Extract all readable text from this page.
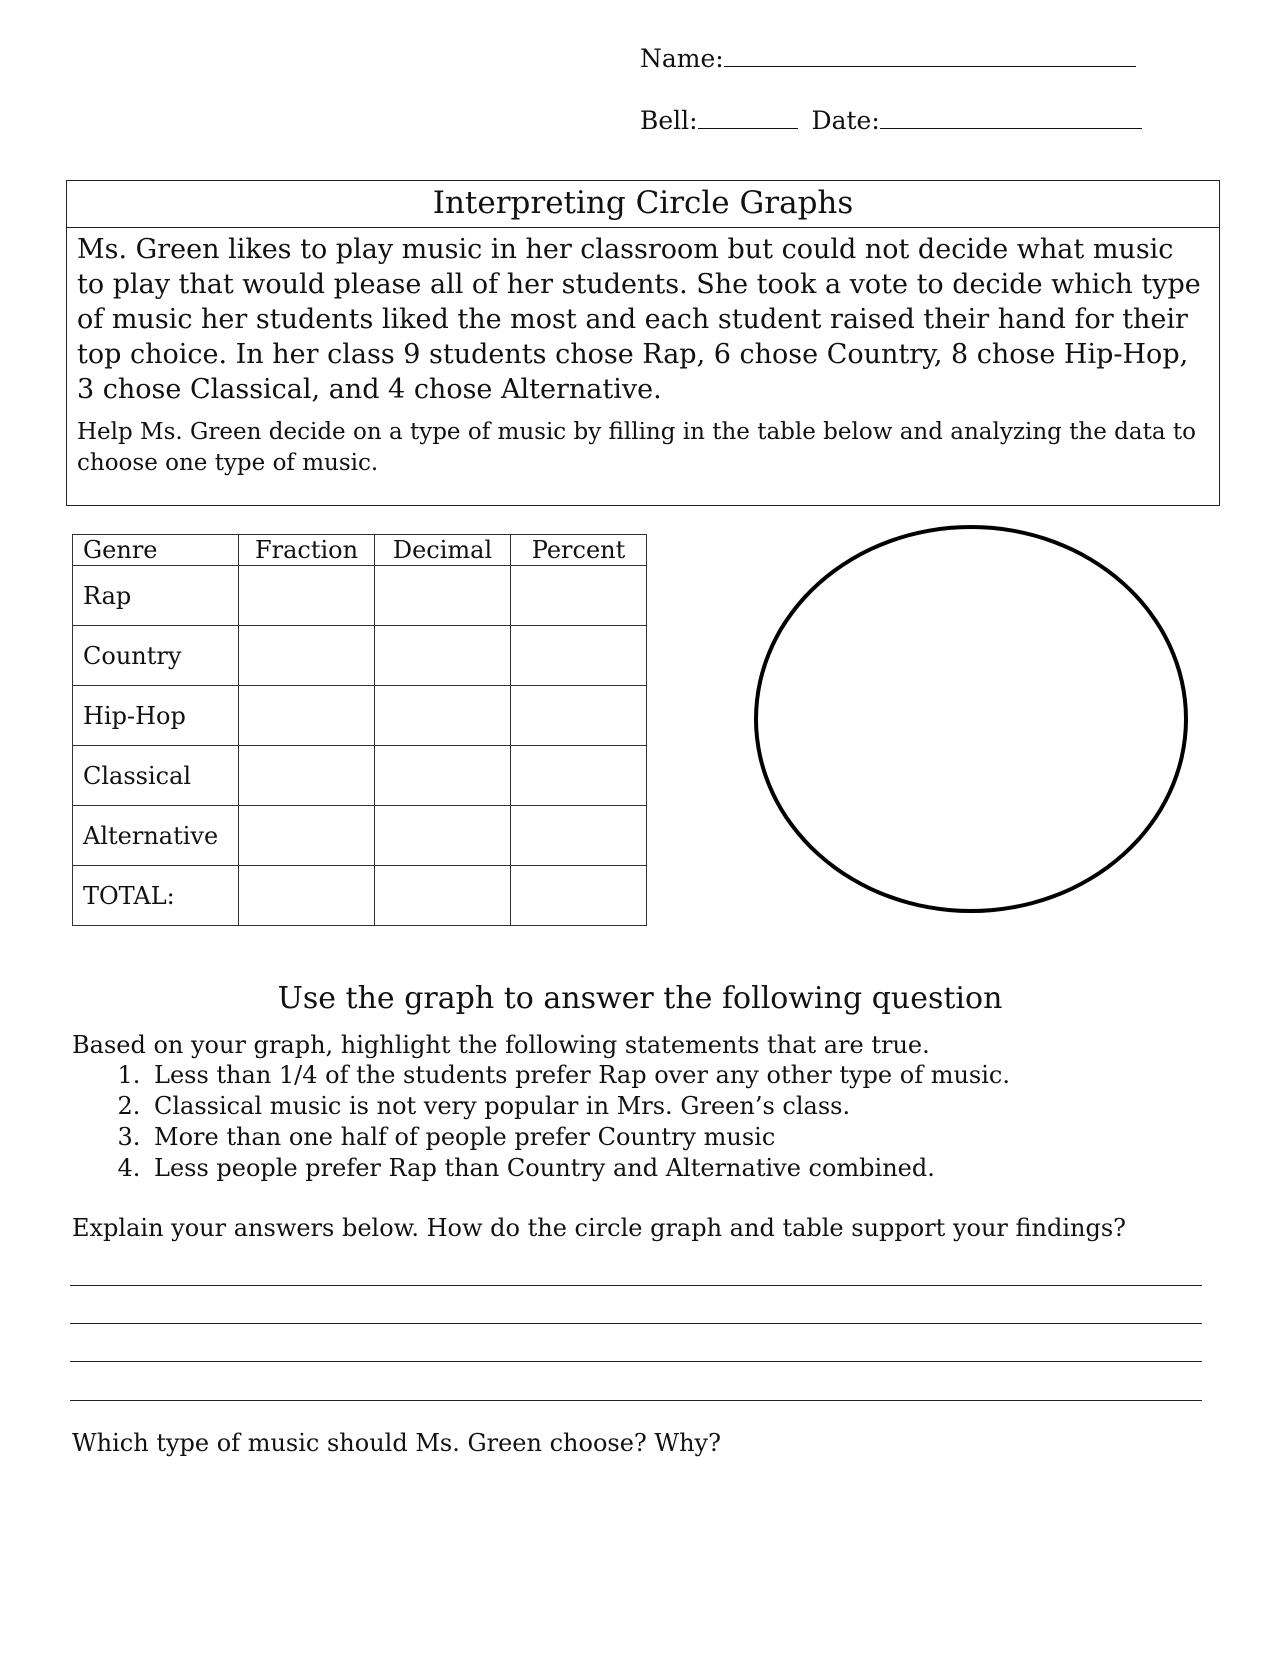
Name:
Bell:	Date:
Interpreting Circle Graphs
Ms. Green likes to play music in her classroom but could not decide what music to play that would please all of her students. She took a vote to decide which type of music her students liked the most and each student raised their hand for their top choice. In her class 9 students chose Rap, 6 chose Country, 8 chose Hip-Hop, 3 chose Classical, and 4 chose Alternative.
Help Ms. Green decide on a type of music by filling in the table below and analyzing the data to choose one type of music.
Genre	Fraction	Decimal	Percent
Rap			
Country			
Hip-Hop			
Classical			
Alternative			
TOTAL:			
Use the graph to answer the following question
Based on your graph, highlight the following statements that are true.
1. Less than 1/4 of the students prefer Rap over any other type of music.
2. Classical music is not very popular in Mrs. Green’s class.
3. More than one half of people prefer Country music
4. Less people prefer Rap than Country and Alternative combined.
Explain your answers below. How do the circle graph and table support your findings?
Which type of music should Ms. Green choose? Why?
